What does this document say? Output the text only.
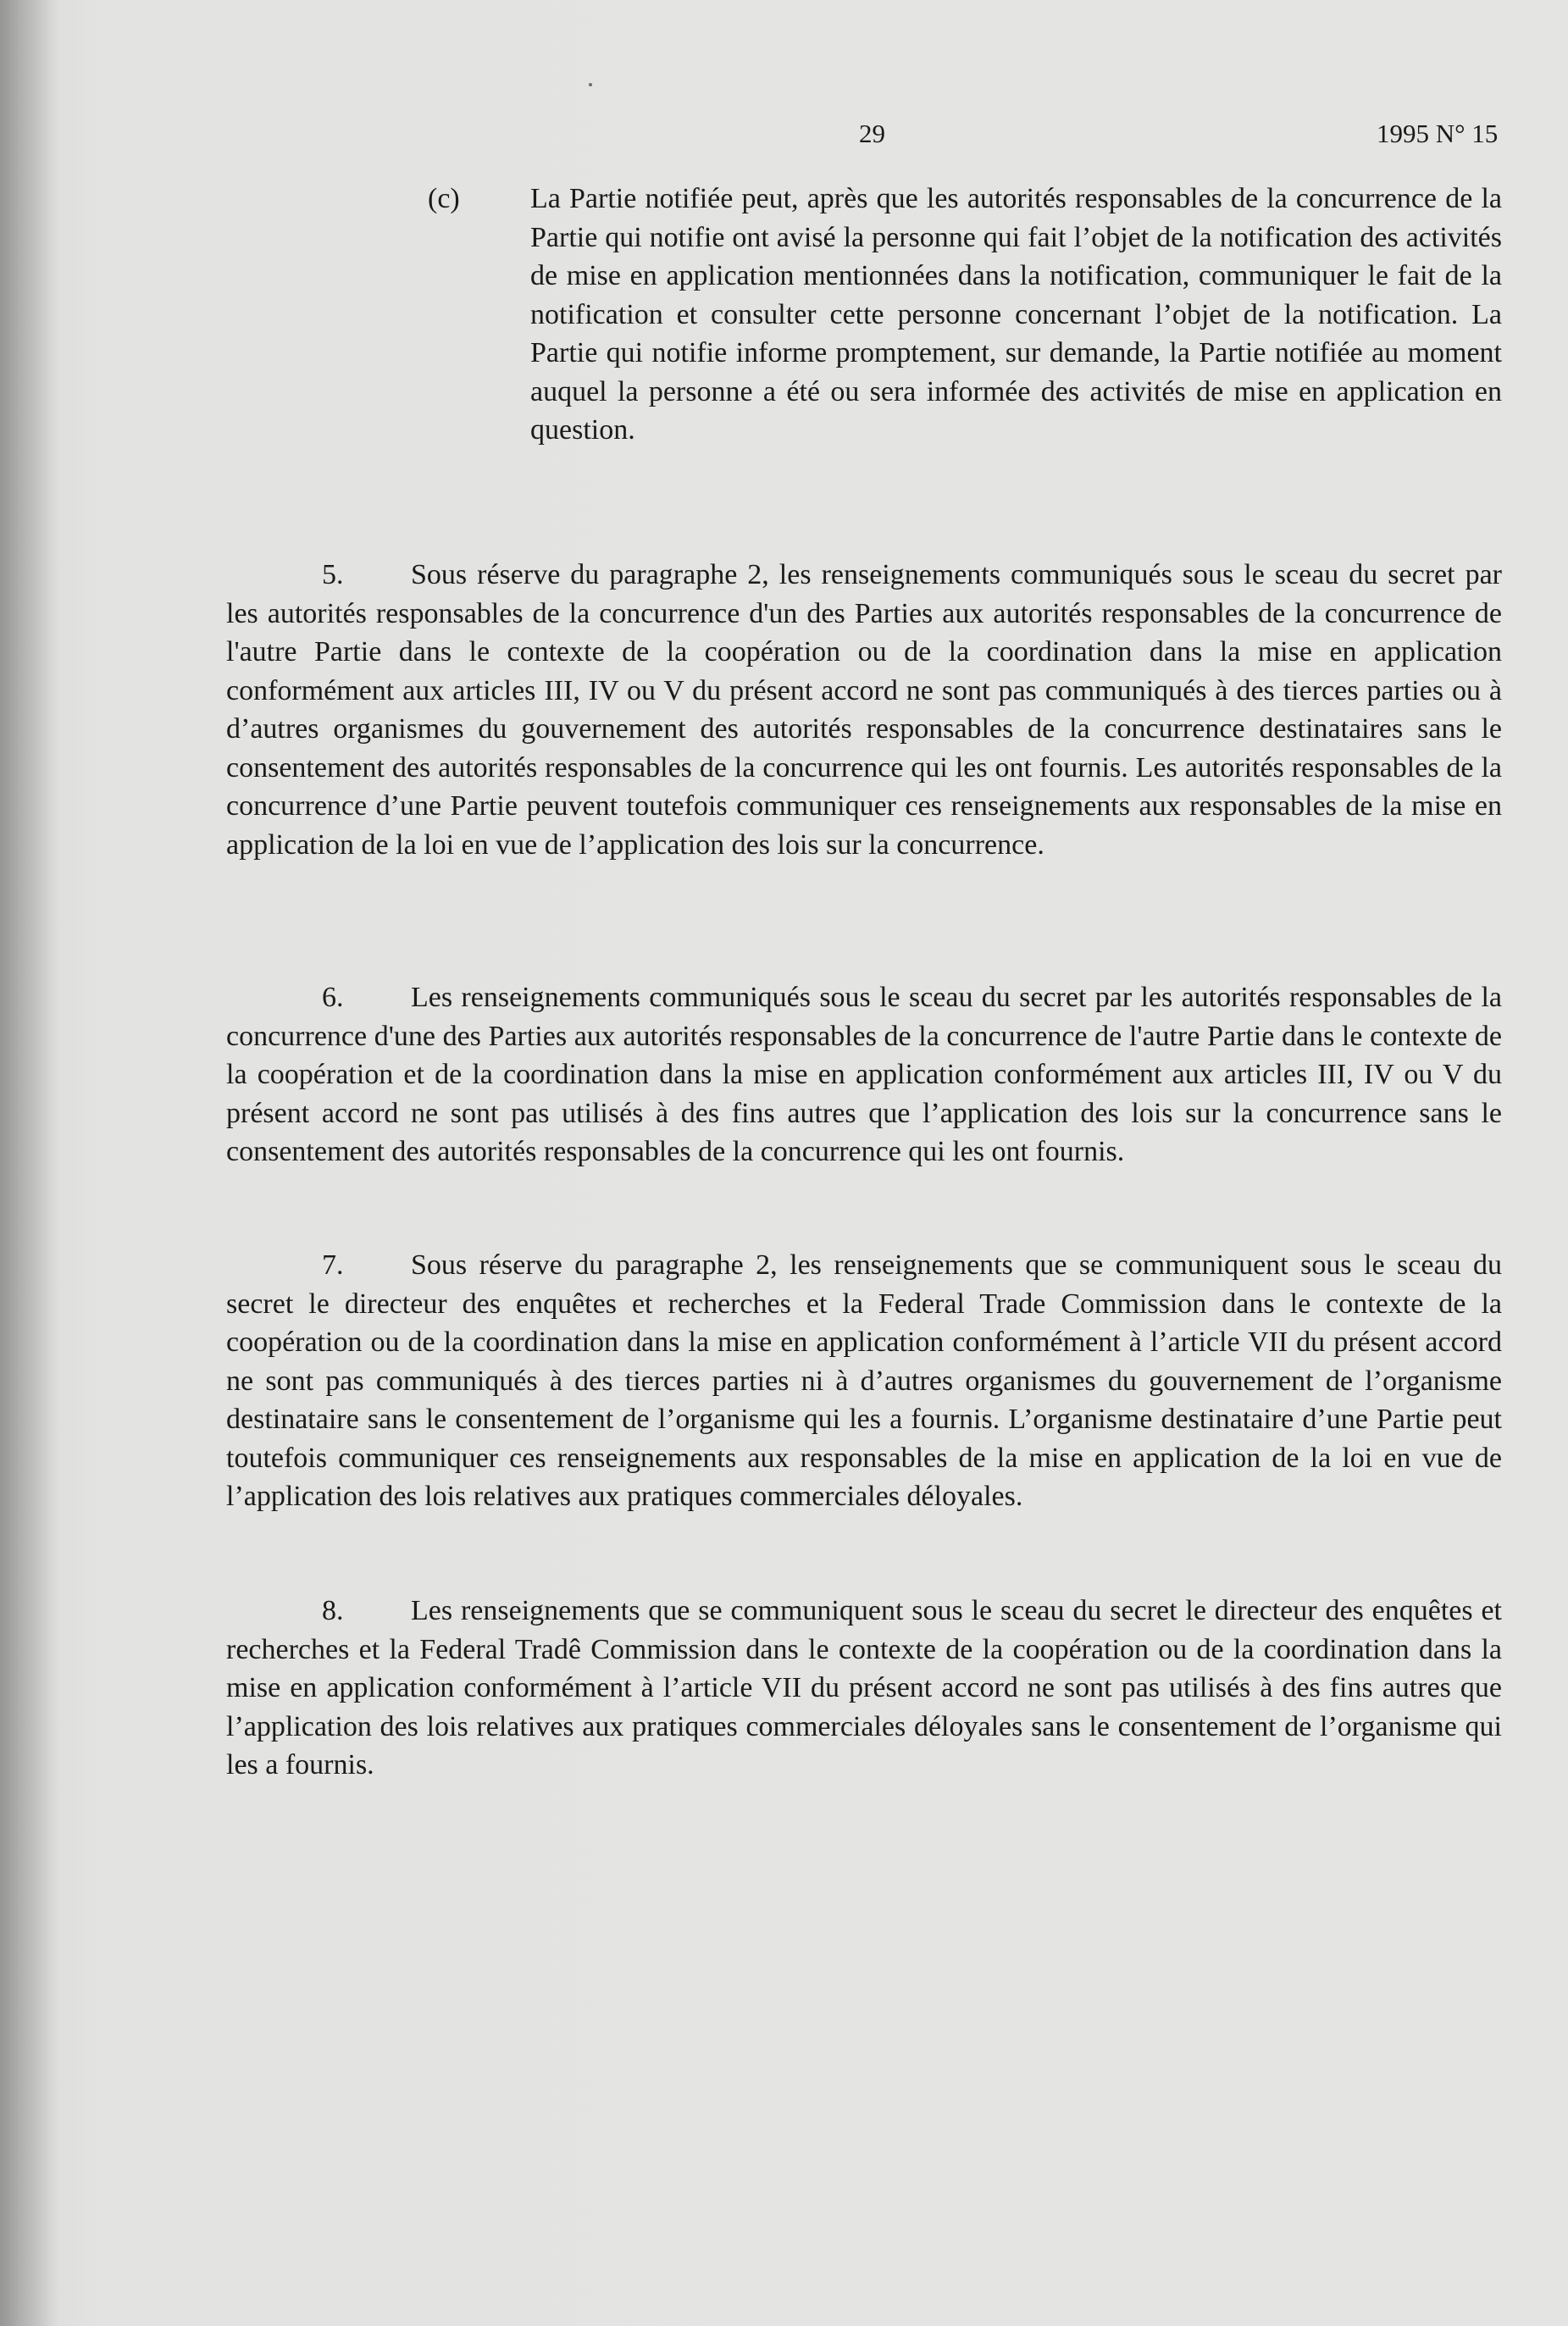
29	1995 N° 15
(c) La Partie notifiée peut, après que les autorités responsables de la concurrence de la Partie qui notifie ont avisé la personne qui fait l’objet de la notification des activités de mise en application mentionnées dans la notification, communiquer le fait de la notification et consulter cette personne concernant l’objet de la notification. La Partie qui notifie informe promptement, sur demande, la Partie notifiée au moment auquel la personne a été ou sera informée des activités de mise en application en question.

5. Sous réserve du paragraphe 2, les renseignements communiqués sous le sceau du secret par les autorités responsables de la concurrence d'un des Parties aux autorités responsables de la concurrence de l'autre Partie dans le contexte de la coopération ou de la coordination dans la mise en application conformément aux articles III, IV ou V du présent accord ne sont pas communiqués à des tierces parties ou à d’autres organismes du gouvernement des autorités responsables de la concurrence destinataires sans le consentement des autorités responsables de la concurrence qui les ont fournis. Les autorités responsables de la concurrence d’une Partie peuvent toutefois communiquer ces renseignements aux responsables de la mise en application de la loi en vue de l’application des lois sur la concurrence.

6. Les renseignements communiqués sous le sceau du secret par les autorités responsables de la concurrence d'une des Parties aux autorités responsables de la concurrence de l'autre Partie dans le contexte de la coopération et de la coordination dans la mise en application conformément aux articles III, IV ou V du présent accord ne sont pas utilisés à des fins autres que l’application des lois sur la concurrence sans le consentement des autorités responsables de la concurrence qui les ont fournis.

7. Sous réserve du paragraphe 2, les renseignements que se communiquent sous le sceau du secret le directeur des enquêtes et recherches et la Federal Trade Commission dans le contexte de la coopération ou de la coordination dans la mise en application conformément à l’article VII du présent accord ne sont pas communiqués à des tierces parties ni à d’autres organismes du gouvernement de l’organisme destinataire sans le consentement de l’organisme qui les a fournis. L’organisme destinataire d’une Partie peut toutefois communiquer ces renseignements aux responsables de la mise en application de la loi en vue de l’application des lois relatives aux pratiques commerciales déloyales.

8. Les renseignements que se communiquent sous le sceau du secret le directeur des enquêtes et recherches et la Federal Tradê Commission dans le contexte de la coopération ou de la coordination dans la mise en application conformément à l’article VII du présent accord ne sont pas utilisés à des fins autres que l’application des lois relatives aux pratiques commerciales déloyales sans le consentement de l’organisme qui les a fournis.
